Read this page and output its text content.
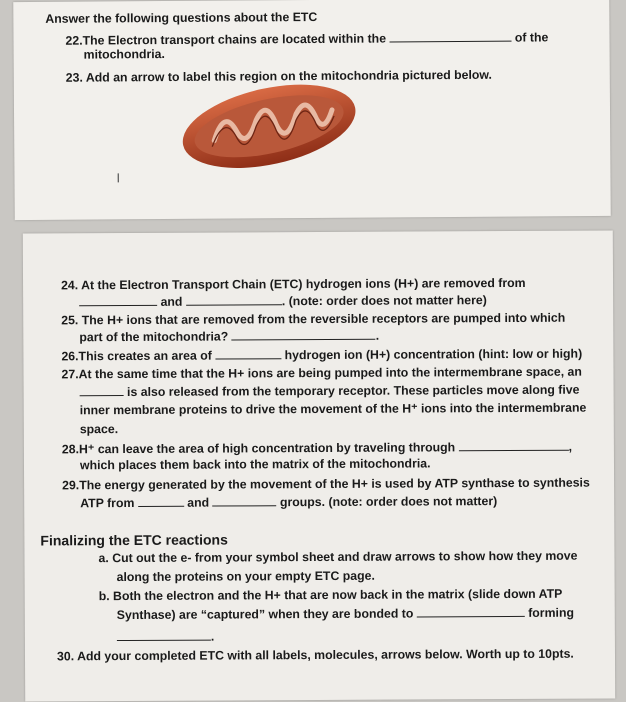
Answer the following questions about the ETC
22.The Electron transport chains are located within the	of the
mitochondria.
23. Add an arrow to label this region on the mitochondria pictured below.
I
24. At the Electron Transport Chain (ETC) hydrogen ions (H+) are removed from
and	. (note: order does not matter here)
25. The H+ ions that are removed from the reversible receptors are pumped into which
part of the mitochondria?	.
26.This creates an area of	hydrogen ion (H+) concentration (hint: low or high)
27.At the same time that the H+ ions are being pumped into the intermembrane space, an
is also released from the temporary receptor. These particles move along five
inner membrane proteins to drive the movement of the H⁺ ions into the intermembrane
space.
28.H⁺ can leave the area of high concentration by traveling through	,
which places them back into the matrix of the mitochondria.
29.The energy generated by the movement of the H+ is used by ATP synthase to synthesis
ATP from	and	groups. (note: order does not matter)
Finalizing the ETC reactions
a. Cut out the e- from your symbol sheet and draw arrows to show how they move
along the proteins on your empty ETC page.
b. Both the electron and the H+ that are now back in the matrix (slide down ATP
Synthase) are “captured” when they are bonded to	forming
.
30. Add your completed ETC with all labels, molecules, arrows below. Worth up to 10pts.
